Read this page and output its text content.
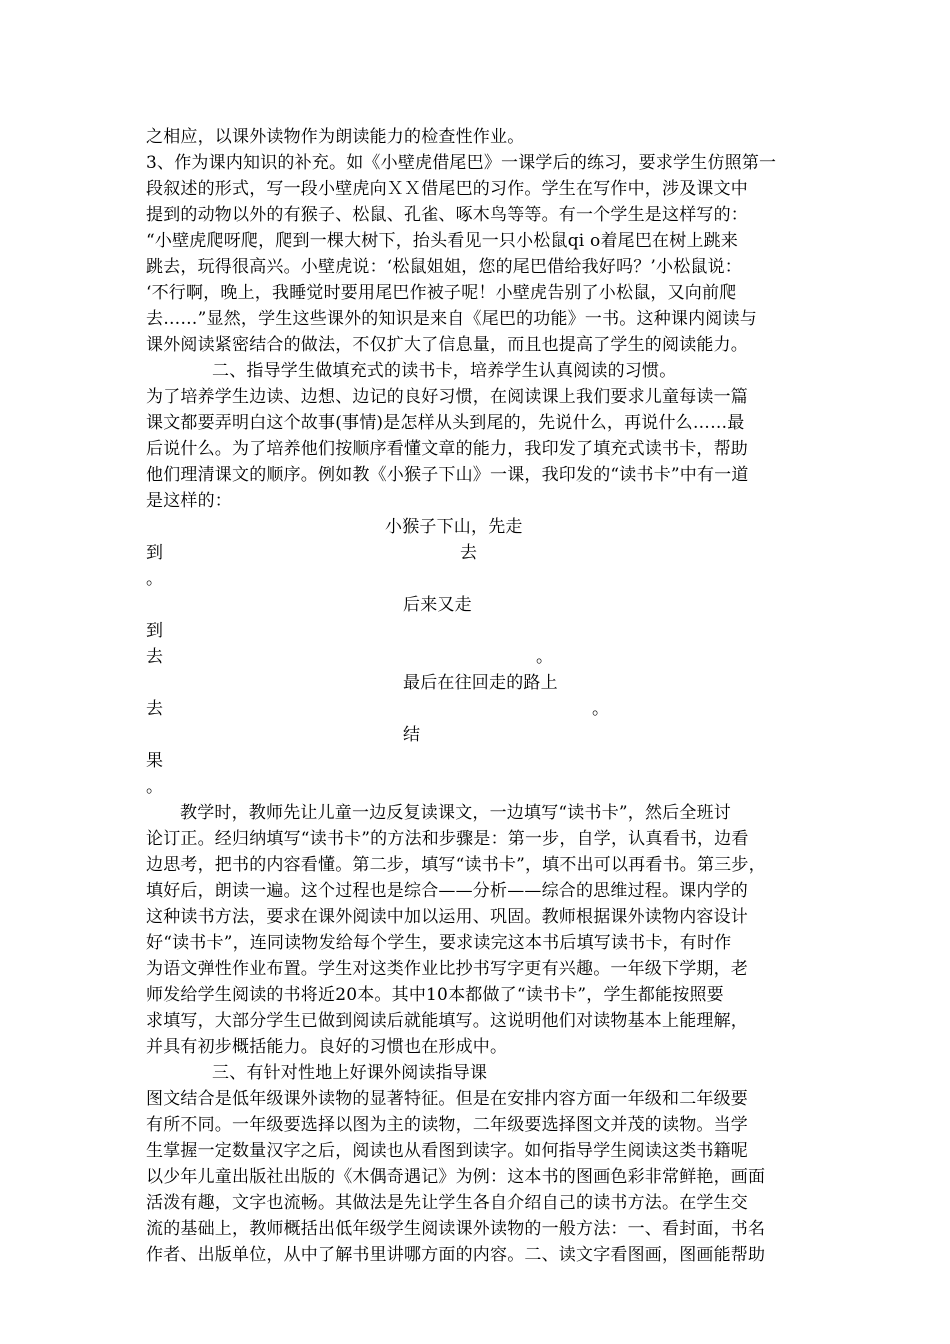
之相应，以课外读物作为朗读能力的检查性作业。
3、作为课内知识的补充。如《小壁虎借尾巴》一课学后的练习，要求学生仿照第一
段叙述的形式，写一段小壁虎向ＸＸ借尾巴的习作。学生在写作中，涉及课文中
提到的动物以外的有猴子、松鼠、孔雀、啄木鸟等等。有一个学生是这样写的：
“小壁虎爬呀爬，爬到一棵大树下，抬头看见一只小松鼠qi o着尾巴在树上跳来
跳去，玩得很高兴。小壁虎说：‘松鼠姐姐，您的尾巴借给我好吗？’小松鼠说：
‘不行啊，晚上，我睡觉时要用尾巴作被子呢！小壁虎告别了小松鼠，又向前爬
去……”显然，学生这些课外的知识是来自《尾巴的功能》一书。这种课内阅读与
课外阅读紧密结合的做法，不仅扩大了信息量，而且也提高了学生的阅读能力。
二、指导学生做填充式的读书卡，培养学生认真阅读的习惯。
为了培养学生边读、边想、边记的良好习惯，在阅读课上我们要求儿童每读一篇
课文都要弄明白这个故事(事情)是怎样从头到尾的，先说什么，再说什么……最
后说什么。为了培养他们按顺序看懂文章的能力，我印发了填充式读书卡，帮助
他们理清课文的顺序。例如教《小猴子下山》一课，我印发的“读书卡”中有一道
是这样的：
小猴子下山，先走
到	去
。
后来又走
到
去	。
最后在往回走的路上
去	。
结
果
。
教学时，教师先让儿童一边反复读课文，一边填写“读书卡”，然后全班讨
论订正。经归纳填写“读书卡”的方法和步骤是：第一步，自学，认真看书，边看
边思考，把书的内容看懂。第二步，填写“读书卡”，填不出可以再看书。第三步，
填好后，朗读一遍。这个过程也是综合——分析——综合的思维过程。课内学的
这种读书方法，要求在课外阅读中加以运用、巩固。教师根据课外读物内容设计
好“读书卡”，连同读物发给每个学生，要求读完这本书后填写读书卡，有时作
为语文弹性作业布置。学生对这类作业比抄书写字更有兴趣。一年级下学期，老
师发给学生阅读的书将近20本。其中10本都做了“读书卡”，学生都能按照要
求填写，大部分学生已做到阅读后就能填写。这说明他们对读物基本上能理解，
并具有初步概括能力。良好的习惯也在形成中。
三、有针对性地上好课外阅读指导课
图文结合是低年级课外读物的显著特征。但是在安排内容方面一年级和二年级要
有所不同。一年级要选择以图为主的读物，二年级要选择图文并茂的读物。当学
生掌握一定数量汉字之后，阅读也从看图到读字。如何指导学生阅读这类书籍呢
以少年儿童出版社出版的《木偶奇遇记》为例：这本书的图画色彩非常鲜艳，画面
活泼有趣，文字也流畅。其做法是先让学生各自介绍自己的读书方法。在学生交
流的基础上，教师概括出低年级学生阅读课外读物的一般方法：一、看封面，书名
作者、出版单位，从中了解书里讲哪方面的内容。二、读文字看图画，图画能帮助
